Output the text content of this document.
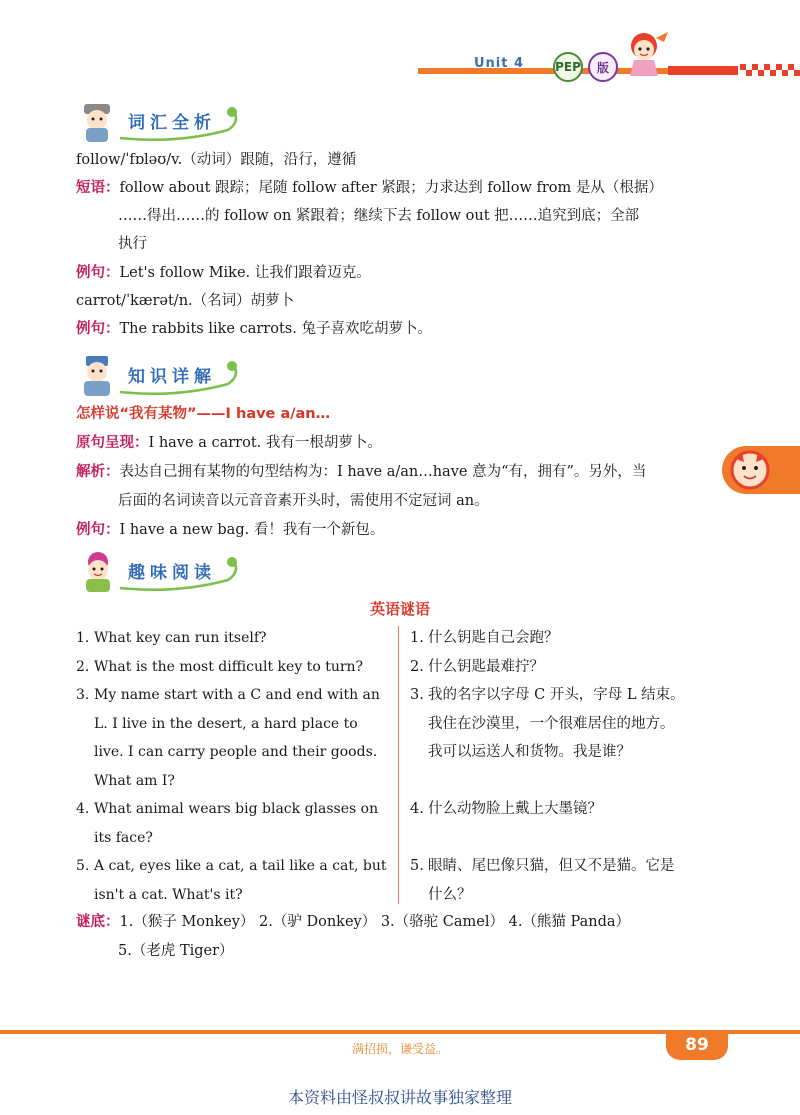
Unit 4	PEP	版
词汇全析
follow/ˈfɒləʊ/v.（动词）跟随，沿行，遵循
短语：follow about 跟踪；尾随 follow after 紧跟；力求达到 follow from 是从（根据）
……得出……的 follow on 紧跟着；继续下去 follow out 把……追究到底；全部
执行
例句：Let's follow Mike. 让我们跟着迈克。
carrot/ˈkærət/n.（名词）胡萝卜
例句：The rabbits like carrots. 兔子喜欢吃胡萝卜。
知识详解
怎样说“我有某物”——I have a/an…
原句呈现：I have a carrot. 我有一根胡萝卜。
解析：表达自己拥有某物的句型结构为：I have a/an…have 意为“有，拥有”。另外，当
后面的名词读音以元音音素开头时，需使用不定冠词 an。
例句：I have a new bag. 看！我有一个新包。
趣味阅读
英语谜语
1. What key can run itself?
2. What is the most difficult key to turn?
3. My name start with a C and end with an
L. I live in the desert, a hard place to
live. I can carry people and their goods.
What am I?
4. What animal wears big black glasses on
its face?
5. A cat, eyes like a cat, a tail like a cat, but
isn't a cat. What's it?
1. 什么钥匙自己会跑？
2. 什么钥匙最难拧？
3. 我的名字以字母 C 开头，字母 L 结束。
我住在沙漠里，一个很难居住的地方。
我可以运送人和货物。我是谁？
4. 什么动物脸上戴上大墨镜？
5. 眼睛、尾巴像只猫，但又不是猫。它是
什么？
谜底：1.（猴子 Monkey） 2.（驴 Donkey） 3.（骆驼 Camel） 4.（熊猫 Panda）
5.（老虎 Tiger）
89
满招损，谦受益。
本资料由怪叔叔讲故事独家整理
